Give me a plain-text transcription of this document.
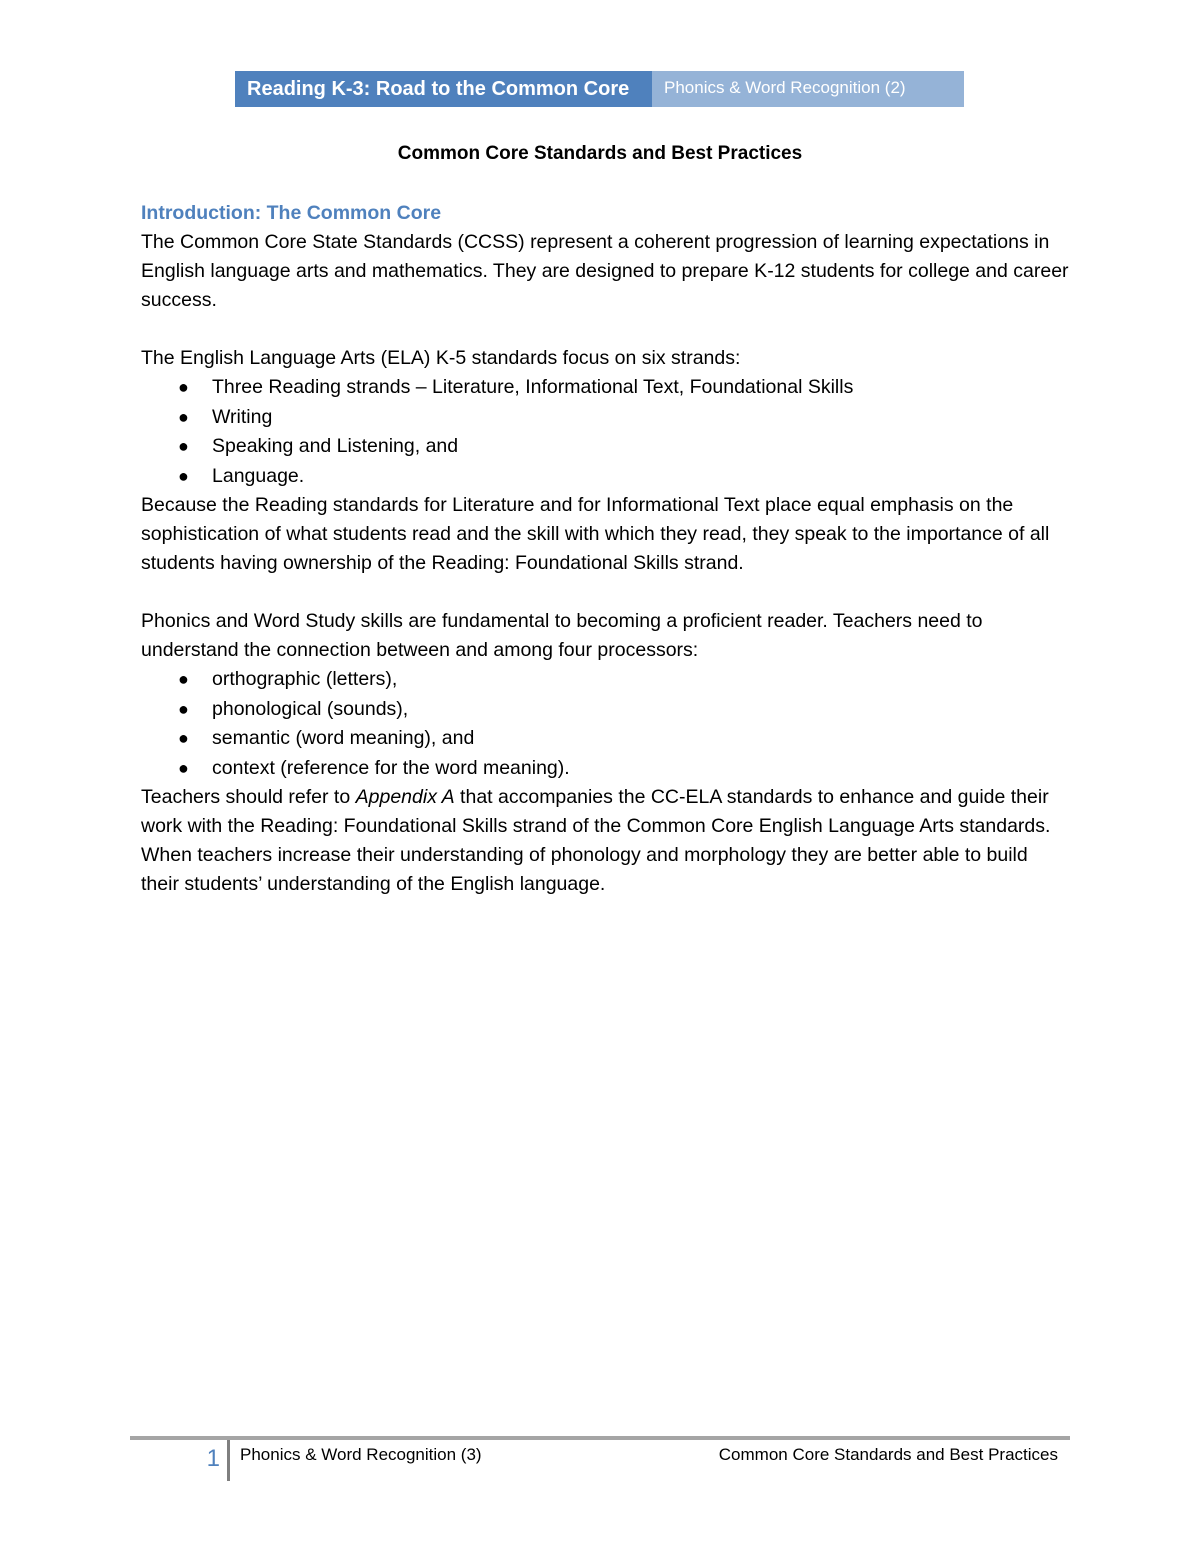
Reading K-3: Road to the Common Core	Phonics & Word Recognition (2)
Common Core Standards and Best Practices
Introduction: The Common Core

The Common Core State Standards (CCSS) represent a coherent progression of learning expectations in English language arts and mathematics. They are designed to prepare K-12 students for college and career success.

The English Language Arts (ELA) K-5 standards focus on six strands:

● Three Reading strands – Literature, Informational Text, Foundational Skills
● Writing
● Speaking and Listening, and
● Language.

Because the Reading standards for Literature and for Informational Text place equal emphasis on the sophistication of what students read and the skill with which they read, they speak to the importance of all students having ownership of the Reading: Foundational Skills strand.

Phonics and Word Study skills are fundamental to becoming a proficient reader. Teachers need to understand the connection between and among four processors:

● orthographic (letters),
● phonological (sounds),
● semantic (word meaning), and
● context (reference for the word meaning).

Teachers should refer to Appendix A that accompanies the CC-ELA standards to enhance and guide their work with the Reading: Foundational Skills strand of the Common Core English Language Arts standards. When teachers increase their understanding of phonology and morphology they are better able to build their students’ understanding of the English language.

1 Phonics & Word Recognition (3)	Common Core Standards and Best Practices
